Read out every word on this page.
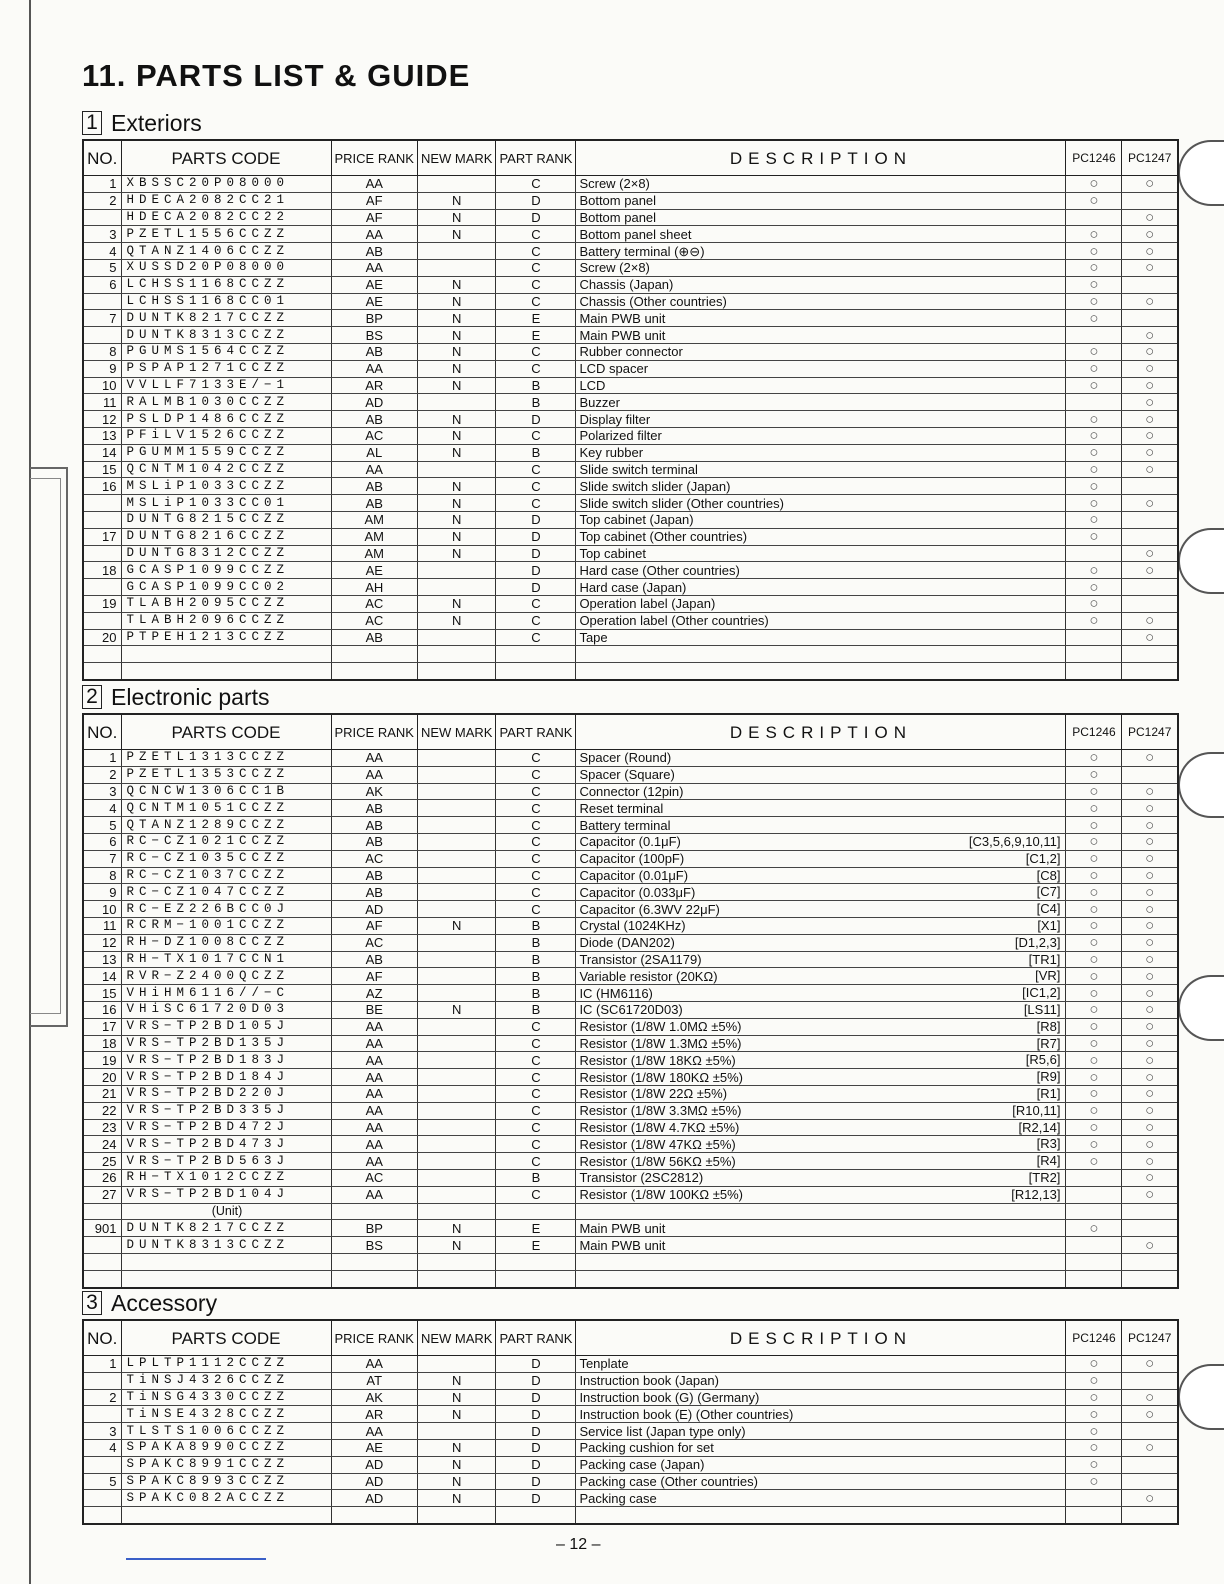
11. PARTS LIST & GUIDE
1 Exteriors
NO.	PARTS CODE	PRICE RANK	NEW MARK	PART RANK	DESCRIPTION	PC1246	PC1247
1	XBSSC20P08000	AA		C	Screw (2×8)	○	○
2	HDECA2082CC21	AF	N	D	Bottom panel	○	
	HDECA2082CC22	AF	N	D	Bottom panel		○
3	PZETL1556CCZZ	AA	N	C	Bottom panel sheet	○	○
4	QTANZ1406CCZZ	AB		C	Battery terminal (⊕⊖)	○	○
5	XUSSD20P08000	AA		C	Screw (2×8)	○	○
6	LCHSS1168CCZZ	AE	N	C	Chassis (Japan)	○	
	LCHSS1168CC01	AE	N	C	Chassis (Other countries)	○	○
7	DUNTK8217CCZZ	BP	N	E	Main PWB unit	○	
	DUNTK8313CCZZ	BS	N	E	Main PWB unit		○
8	PGUMS1564CCZZ	AB	N	C	Rubber connector	○	○
9	PSPAP1271CCZZ	AA	N	C	LCD spacer	○	○
10	VVLLF7133E/−1	AR	N	B	LCD	○	○
11	RALMB1030CCZZ	AD		B	Buzzer		○
12	PSLDP1486CCZZ	AB	N	D	Display filter	○	○
13	PFiLV1526CCZZ	AC	N	C	Polarized filter	○	○
14	PGUMM1559CCZZ	AL	N	B	Key rubber	○	○
15	QCNTM1042CCZZ	AA		C	Slide switch terminal	○	○
16	MSLiP1033CCZZ	AB	N	C	Slide switch slider (Japan)	○	
	MSLiP1033CC01	AB	N	C	Slide switch slider (Other countries)	○	○
	DUNTG8215CCZZ	AM	N	D	Top cabinet (Japan)	○	
17	DUNTG8216CCZZ	AM	N	D	Top cabinet (Other countries)	○	
	DUNTG8312CCZZ	AM	N	D	Top cabinet		○
18	GCASP1099CCZZ	AE		D	Hard case (Other countries)	○	○
	GCASP1099CC02	AH		D	Hard case (Japan)	○	
19	TLABH2095CCZZ	AC	N	C	Operation label (Japan)	○	
	TLABH2096CCZZ	AC	N	C	Operation label (Other countries)	○	○
20	PTPEH1213CCZZ	AB		C	Tape		○

2 Electronic parts
NO.	PARTS CODE	PRICE RANK	NEW MARK	PART RANK	DESCRIPTION	PC1246	PC1247
1	PZETL1313CCZZ	AA		C	Spacer (Round)	○	○
2	PZETL1353CCZZ	AA		C	Spacer (Square)	○	
3	QCNCW1306CC1B	AK		C	Connector (12pin)	○	○
4	QCNTM1051CCZZ	AB		C	Reset terminal	○	○
5	QTANZ1289CCZZ	AB		C	Battery terminal	○	○
6	RC−CZ1021CCZZ	AB		C	Capacitor (0.1μF) [C3,5,6,9,10,11]	○	○
7	RC−CZ1035CCZZ	AC		C	Capacitor (100pF) [C1,2]	○	○
8	RC−CZ1037CCZZ	AB		C	Capacitor (0.01μF) [C8]	○	○
9	RC−CZ1047CCZZ	AB		C	Capacitor (0.033μF) [C7]	○	○
10	RC−EZ226BCC0J	AD		C	Capacitor (6.3WV 22μF) [C4]	○	○
11	RCRM−1001CCZZ	AF	N	B	Crystal (1024KHz) [X1]	○	○
12	RH−DZ1008CCZZ	AC		B	Diode (DAN202) [D1,2,3]	○	○
13	RH−TX1017CCN1	AB		B	Transistor (2SA1179) [TR1]	○	○
14	RVR−Z2400QCZZ	AF		B	Variable resistor (20KΩ) [VR]	○	○
15	VHiHM6116//−C	AZ		B	IC (HM6116) [IC1,2]	○	○
16	VHiSC61720D03	BE	N	B	IC (SC61720D03) [LS11]	○	○
17	VRS−TP2BD105J	AA		C	Resistor (1/8W 1.0MΩ ±5%) [R8]	○	○
18	VRS−TP2BD135J	AA		C	Resistor (1/8W 1.3MΩ ±5%) [R7]	○	○
19	VRS−TP2BD183J	AA		C	Resistor (1/8W 18KΩ ±5%) [R5,6]	○	○
20	VRS−TP2BD184J	AA		C	Resistor (1/8W 180KΩ ±5%) [R9]	○	○
21	VRS−TP2BD220J	AA		C	Resistor (1/8W 22Ω ±5%) [R1]	○	○
22	VRS−TP2BD335J	AA		C	Resistor (1/8W 3.3MΩ ±5%) [R10,11]	○	○
23	VRS−TP2BD472J	AA		C	Resistor (1/8W 4.7KΩ ±5%) [R2,14]	○	○
24	VRS−TP2BD473J	AA		C	Resistor (1/8W 47KΩ ±5%) [R3]	○	○
25	VRS−TP2BD563J	AA		C	Resistor (1/8W 56KΩ ±5%) [R4]	○	○
26	RH−TX1012CCZZ	AC		B	Transistor (2SC2812) [TR2]		○
27	VRS−TP2BD104J	AA		C	Resistor (1/8W 100KΩ ±5%) [R12,13]		○
	(Unit)				

901	DUNTK8217CCZZ	BP	N	E	Main PWB unit	○	
	DUNTK8313CCZZ	BS	N	E	Main PWB unit		○

3 Accessory
NO.	PARTS CODE	PRICE RANK	NEW MARK	PART RANK	DESCRIPTION	PC1246	PC1247
1	LPLTP1112CCZZ	AA		D	Tenplate	○	○
	TiNSJ4326CCZZ	AT	N	D	Instruction book (Japan)	○	
2	TiNSG4330CCZZ	AK	N	D	Instruction book (G) (Germany)	○	○
	TiNSE4328CCZZ	AR	N	D	Instruction book (E) (Other countries)	○	○
3	TLSTS1006CCZZ	AA		D	Service list (Japan type only)	○	
4	SPAKA8990CCZZ	AE	N	D	Packing cushion for set	○	○
	SPAKC8991CCZZ	AD	N	D	Packing case (Japan)	○	
5	SPAKC8993CCZZ	AD	N	D	Packing case (Other countries)	○	
	SPAKC082ACCZZ	AD	N	D	Packing case		○

– 12 –
